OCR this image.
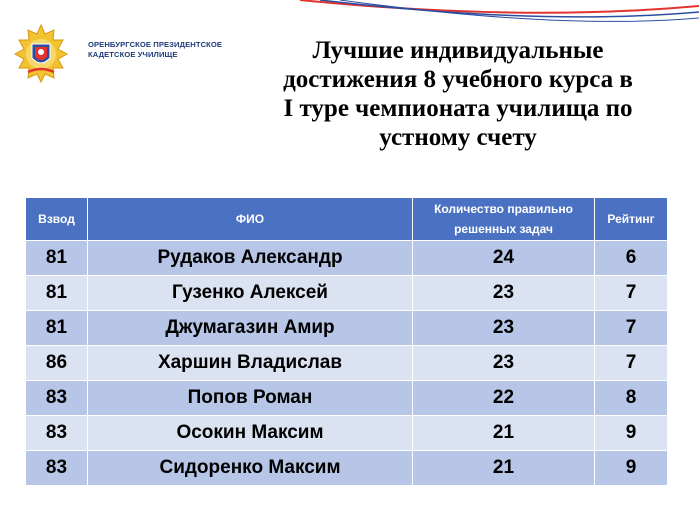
ОРЕНБУРГСКОЕ ПРЕЗИДЕНТСКОЕ
КАДЕТСКОЕ УЧИЛИЩЕ	Лучшие индивидуальные
достижения 8 учебного курса в
I туре чемпионата училища по
устному счету
Взвод	ФИО	Количество правильно решенных задач	Рейтинг
81	Рудаков Александр	24	6
81	Гузенко Алексей	23	7
81	Джумагазин Амир	23	7
86	Харшин Владислав	23	7
83	Попов Роман	22	8
83	Осокин Максим	21	9
83	Сидоренко Максим	21	9
